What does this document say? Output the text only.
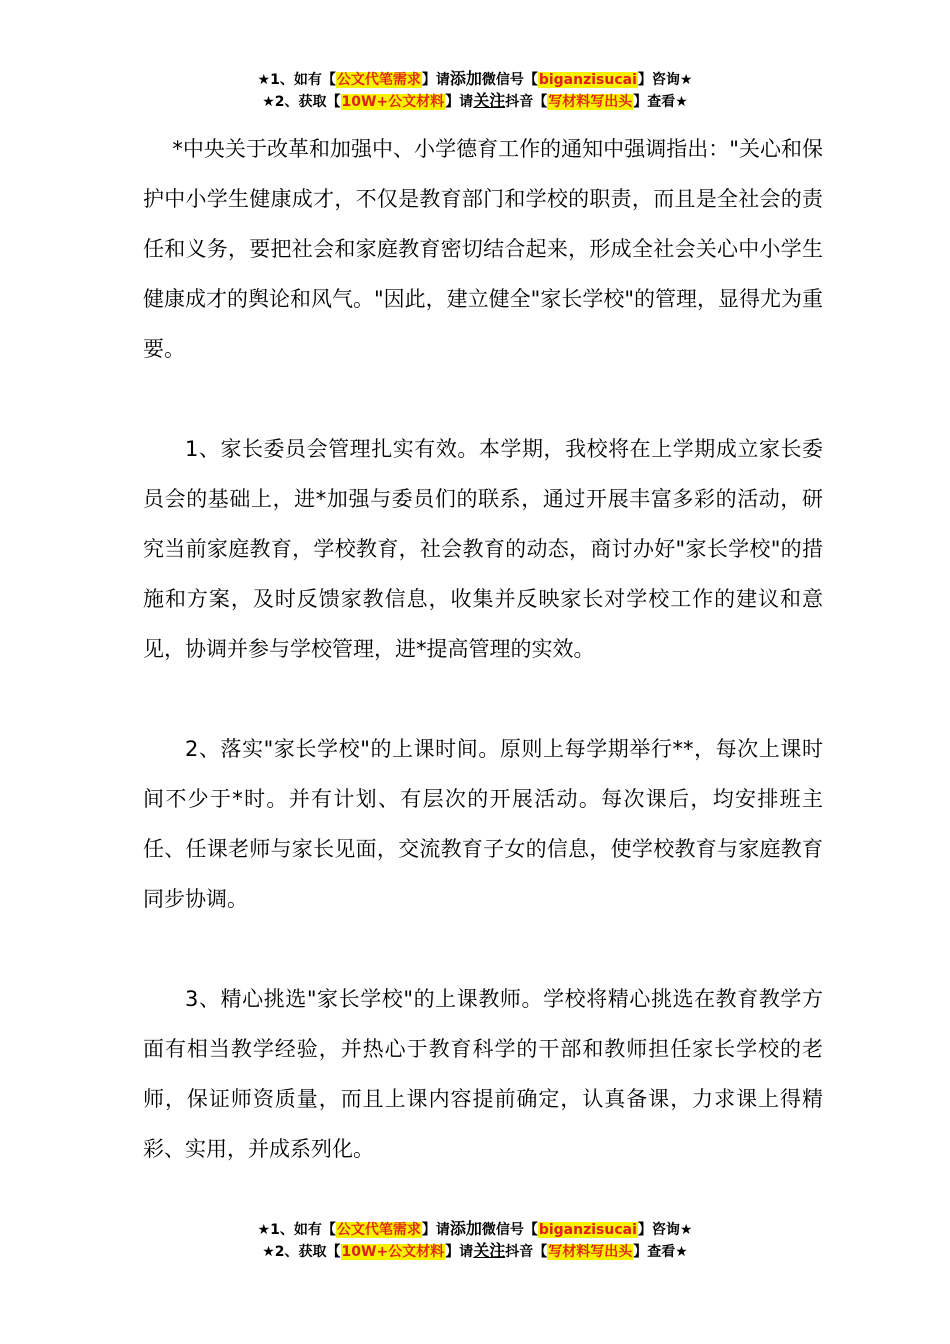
★1、如有【公文代笔需求】请添加微信号【biganzisucai】咨询★
★2、获取【10W+公文材料】请关注抖音【写材料写出头】查看★

*中央关于改革和加强中、小学德育工作的通知中强调指出："关心和保护中小学生健康成才，不仅是教育部门和学校的职责，而且是全社会的责任和义务，要把社会和家庭教育密切结合起来，形成全社会关心中小学生健康成才的舆论和风气。"因此，建立健全"家长学校"的管理，显得尤为重要。

1、家长委员会管理扎实有效。本学期，我校将在上学期成立家长委员会的基础上，进*加强与委员们的联系，通过开展丰富多彩的活动，研究当前家庭教育，学校教育，社会教育的动态，商讨办好"家长学校"的措施和方案，及时反馈家教信息，收集并反映家长对学校工作的建议和意见，协调并参与学校管理，进*提高管理的实效。

2、落实"家长学校"的上课时间。原则上每学期举行**，每次上课时间不少于*时。并有计划、有层次的开展活动。每次课后，均安排班主任、任课老师与家长见面，交流教育子女的信息，使学校教育与家庭教育同步协调。

3、精心挑选"家长学校"的上课教师。学校将精心挑选在教育教学方面有相当教学经验，并热心于教育科学的干部和教师担任家长学校的老师，保证师资质量，而且上课内容提前确定，认真备课，力求课上得精彩、实用，并成系列化。

★1、如有【公文代笔需求】请添加微信号【biganzisucai】咨询★
★2、获取【10W+公文材料】请关注抖音【写材料写出头】查看★
